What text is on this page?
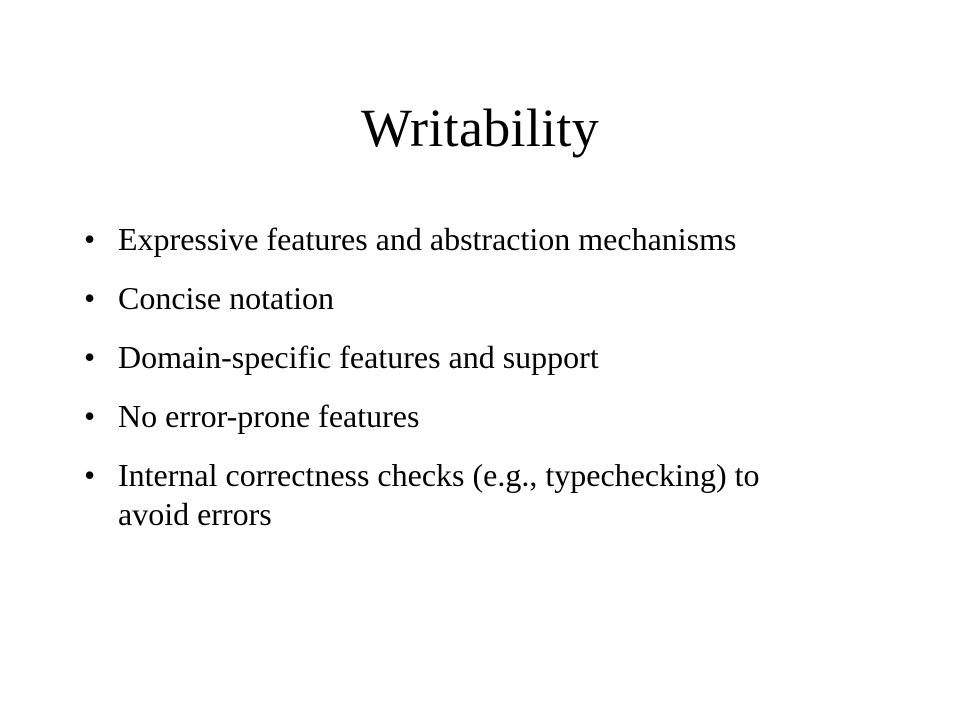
Writability
• Expressive features and abstraction mechanisms
• Concise notation
• Domain-specific features and support
• No error-prone features
• Internal correctness checks (e.g., typechecking) to avoid errors
